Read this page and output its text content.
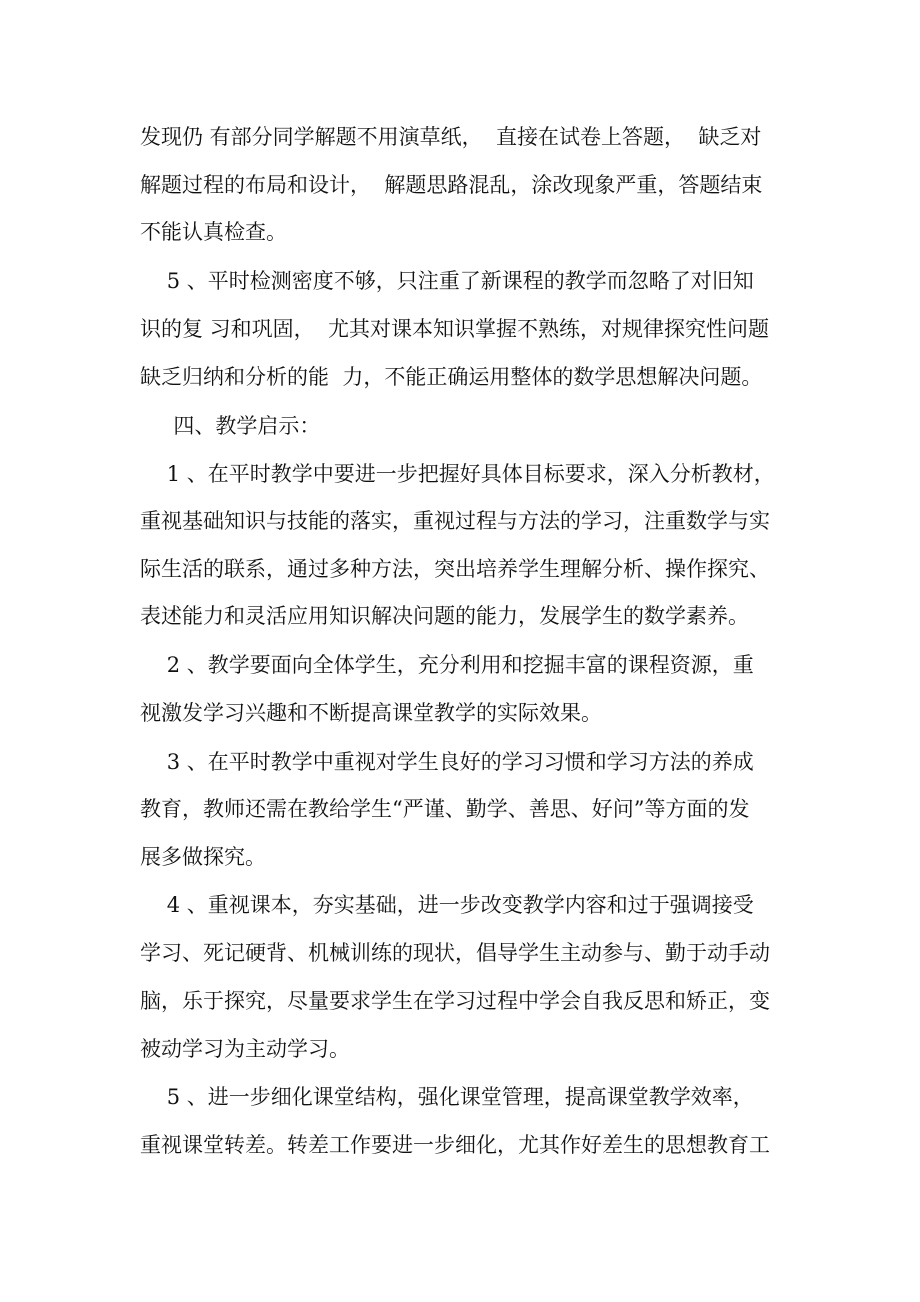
发现仍 有部分同学解题不用演草纸，  直接在试卷上答题，  缺乏对
解题过程的布局和设计，  解题思路混乱，涂改现象严重，答题结束
不能认真检查。
5 、平时检测密度不够，只注重了新课程的教学而忽略了对旧知
识的复 习和巩固，  尤其对课本知识掌握不熟练，对规律探究性问题
缺乏归纳和分析的能  力，不能正确运用整体的数学思想解决问题。
四、教学启示：
1 、在平时教学中要进一步把握好具体目标要求，深入分析教材，
重视基础知识与技能的落实，重视过程与方法的学习，注重数学与实
际生活的联系，通过多种方法，突出培养学生理解分析、操作探究、
表述能力和灵活应用知识解决问题的能力，发展学生的数学素养。
2 、教学要面向全体学生，充分利用和挖掘丰富的课程资源，重
视激发学习兴趣和不断提高课堂教学的实际效果。
3 、在平时教学中重视对学生良好的学习习惯和学习方法的养成
教育，教师还需在教给学生“严谨、勤学、善思、好问”等方面的发
展多做探究。
4 、重视课本，夯实基础，进一步改变教学内容和过于强调接受
学习、死记硬背、机械训练的现状，倡导学生主动参与、勤于动手动
脑，乐于探究，尽量要求学生在学习过程中学会自我反思和矫正，变
被动学习为主动学习。
5 、进一步细化课堂结构，强化课堂管理，提高课堂教学效率，
重视课堂转差。转差工作要进一步细化，尤其作好差生的思想教育工
